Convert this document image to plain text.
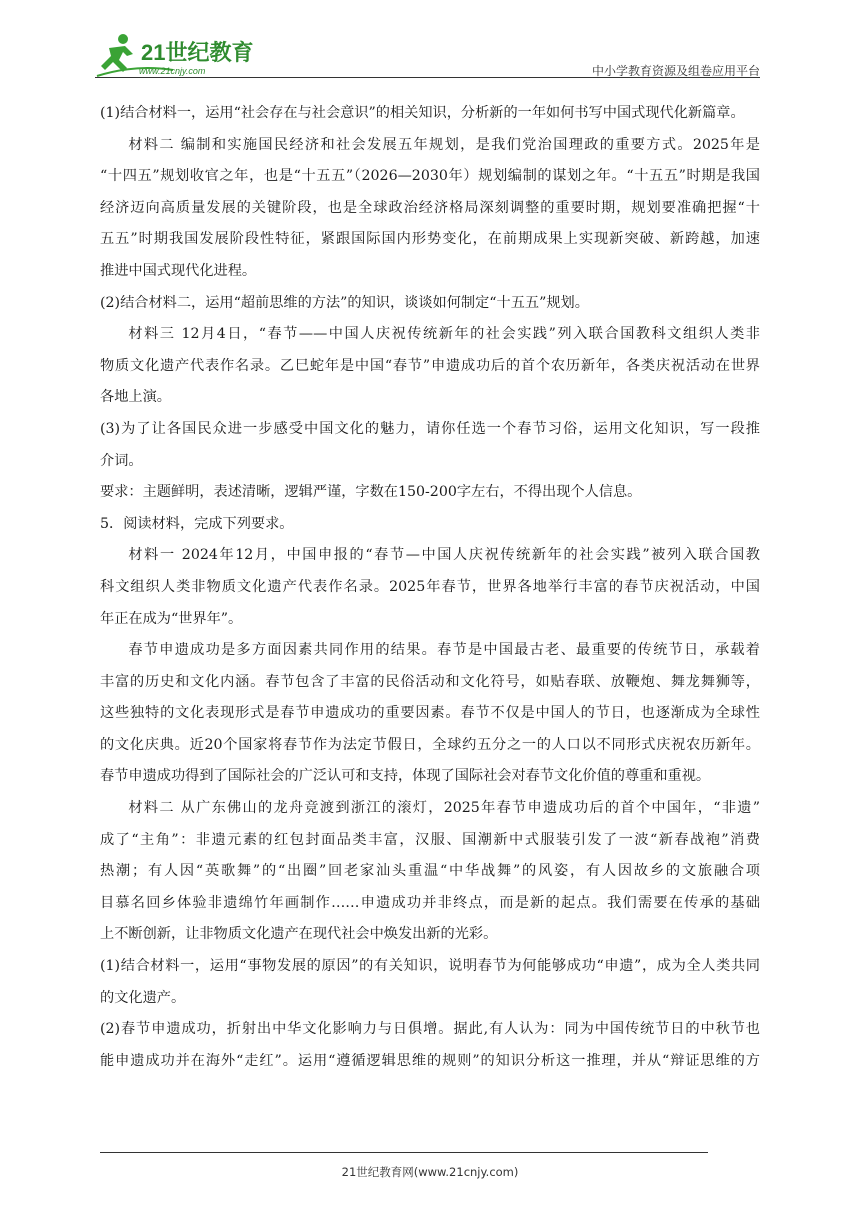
21世纪教育
www.21cnjy.com	中小学教育资源及组卷应用平台

(1)结合材料一，运用“社会存在与社会意识”的相关知识，分析新的一年如何书写中国式现代化新篇章。

材料二 编制和实施国民经济和社会发展五年规划，是我们党治国理政的重要方式。2025年是

“十四五”规划收官之年，也是“十五五”（2026—2030年）规划编制的谋划之年。“十五五”时期是我国

经济迈向高质量发展的关键阶段，也是全球政治经济格局深刻调整的重要时期，规划要准确把握“十

五五”时期我国发展阶段性特征，紧跟国际国内形势变化，在前期成果上实现新突破、新跨越，加速

推进中国式现代化进程。

(2)结合材料二，运用“超前思维的方法”的知识，谈谈如何制定“十五五”规划。

材料三 12月4日，“春节——中国人庆祝传统新年的社会实践”列入联合国教科文组织人类非

物质文化遗产代表作名录。乙巳蛇年是中国“春节”申遗成功后的首个农历新年，各类庆祝活动在世界

各地上演。

(3)为了让各国民众进一步感受中国文化的魅力，请你任选一个春节习俗，运用文化知识，写一段推

介词。

要求：主题鲜明，表述清晰，逻辑严谨，字数在150-200字左右，不得出现个人信息。

5．阅读材料，完成下列要求。

材料一 2024年12月，中国申报的“春节—中国人庆祝传统新年的社会实践”被列入联合国教

科文组织人类非物质文化遗产代表作名录。2025年春节，世界各地举行丰富的春节庆祝活动，中国

年正在成为“世界年”。

春节申遗成功是多方面因素共同作用的结果。春节是中国最古老、最重要的传统节日，承载着

丰富的历史和文化内涵。春节包含了丰富的民俗活动和文化符号，如贴春联、放鞭炮、舞龙舞狮等，

这些独特的文化表现形式是春节申遗成功的重要因素。春节不仅是中国人的节日，也逐渐成为全球性

的文化庆典。近20个国家将春节作为法定节假日，全球约五分之一的人口以不同形式庆祝农历新年。

春节申遗成功得到了国际社会的广泛认可和支持，体现了国际社会对春节文化价值的尊重和重视。

材料二 从广东佛山的龙舟竞渡到浙江的滚灯，2025年春节申遗成功后的首个中国年，“非遗”

成了“主角”：非遗元素的红包封面品类丰富，汉服、国潮新中式服装引发了一波“新春战袍”消费

热潮；有人因“英歌舞”的“出圈”回老家汕头重温“中华战舞”的风姿，有人因故乡的文旅融合项

目慕名回乡体验非遗绵竹年画制作……申遗成功并非终点，而是新的起点。我们需要在传承的基础

上不断创新，让非物质文化遗产在现代社会中焕发出新的光彩。

(1)结合材料一，运用“事物发展的原因”的有关知识，说明春节为何能够成功“申遗”，成为全人类共同

的文化遗产。

(2)春节申遗成功，折射出中华文化影响力与日俱增。据此,有人认为：同为中国传统节日的中秋节也

能申遗成功并在海外“走红”。运用“遵循逻辑思维的规则”的知识分析这一推理，并从“辩证思维的方

21世纪教育网(www.21cnjy.com)
